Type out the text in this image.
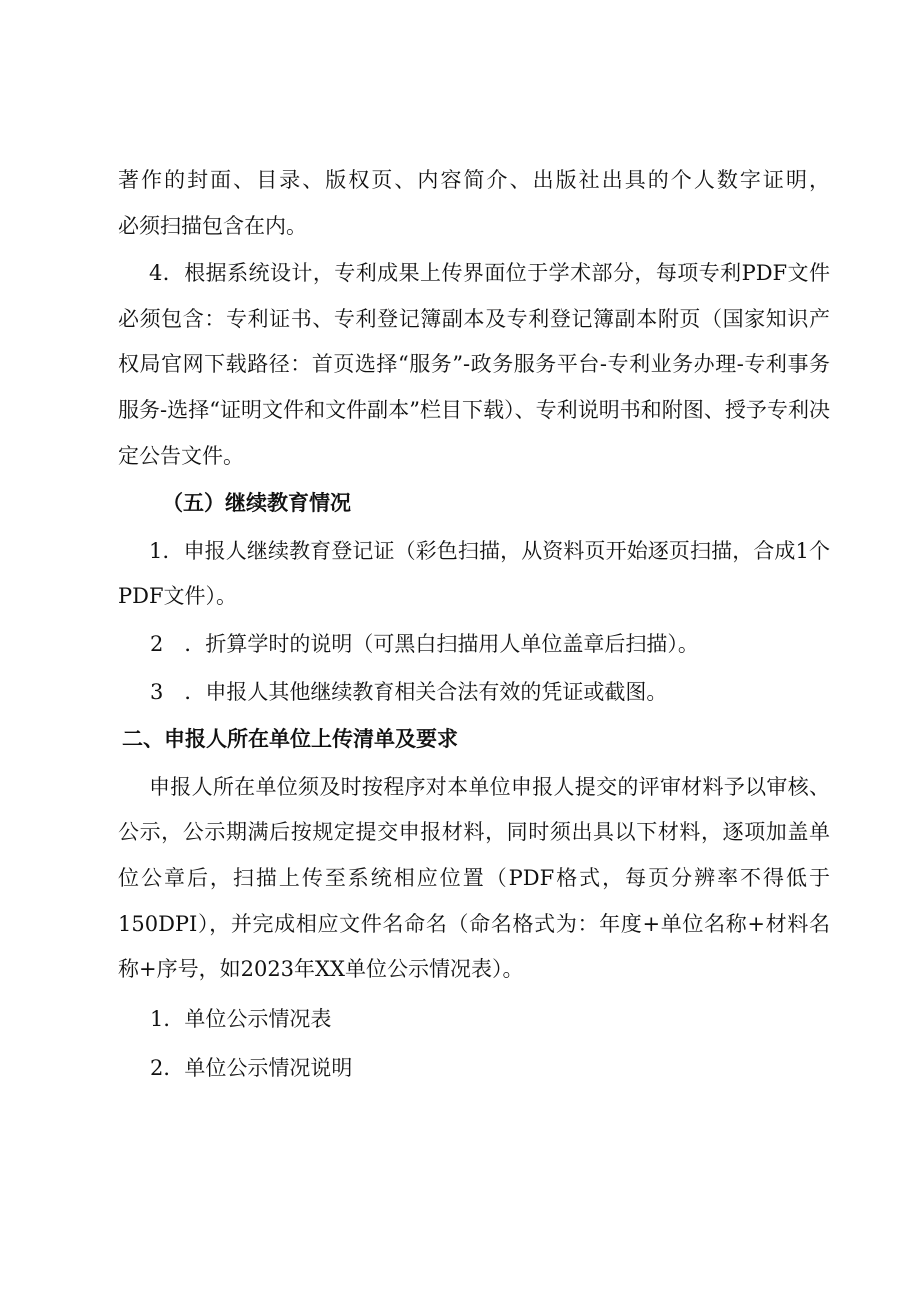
著作的封面、目录、版权页、内容简介、出版社出具的个人数字证明，

必须扫描包含在内。

4．根据系统设计，专利成果上传界面位于学术部分，每项专利PDF文件必须包含：专利证书、专利登记簿副本及专利登记簿副本附页（国家知识产权局官网下载路径：首页选择“服务”-政务服务平台-专利业务办理-专利事务服务-选择“证明文件和文件副本”栏目下载）、专利说明书和附图、授予专利决定公告文件。

（五）继续教育情况

1．申报人继续教育登记证（彩色扫描，从资料页开始逐页扫描，合成1个PDF文件）。

2　．折算学时的说明（可黑白扫描用人单位盖章后扫描）。

3　．申报人其他继续教育相关合法有效的凭证或截图。

二、申报人所在单位上传清单及要求

申报人所在单位须及时按程序对本单位申报人提交的评审材料予以审核、公示，公示期满后按规定提交申报材料，同时须出具以下材料，逐项加盖单位公章后，扫描上传至系统相应位置（PDF格式，每页分辨率不得低于150DPI），并完成相应文件名命名（命名格式为：年度+单位名称+材料名称+序号，如2023年XX单位公示情况表）。

1．单位公示情况表

2．单位公示情况说明
